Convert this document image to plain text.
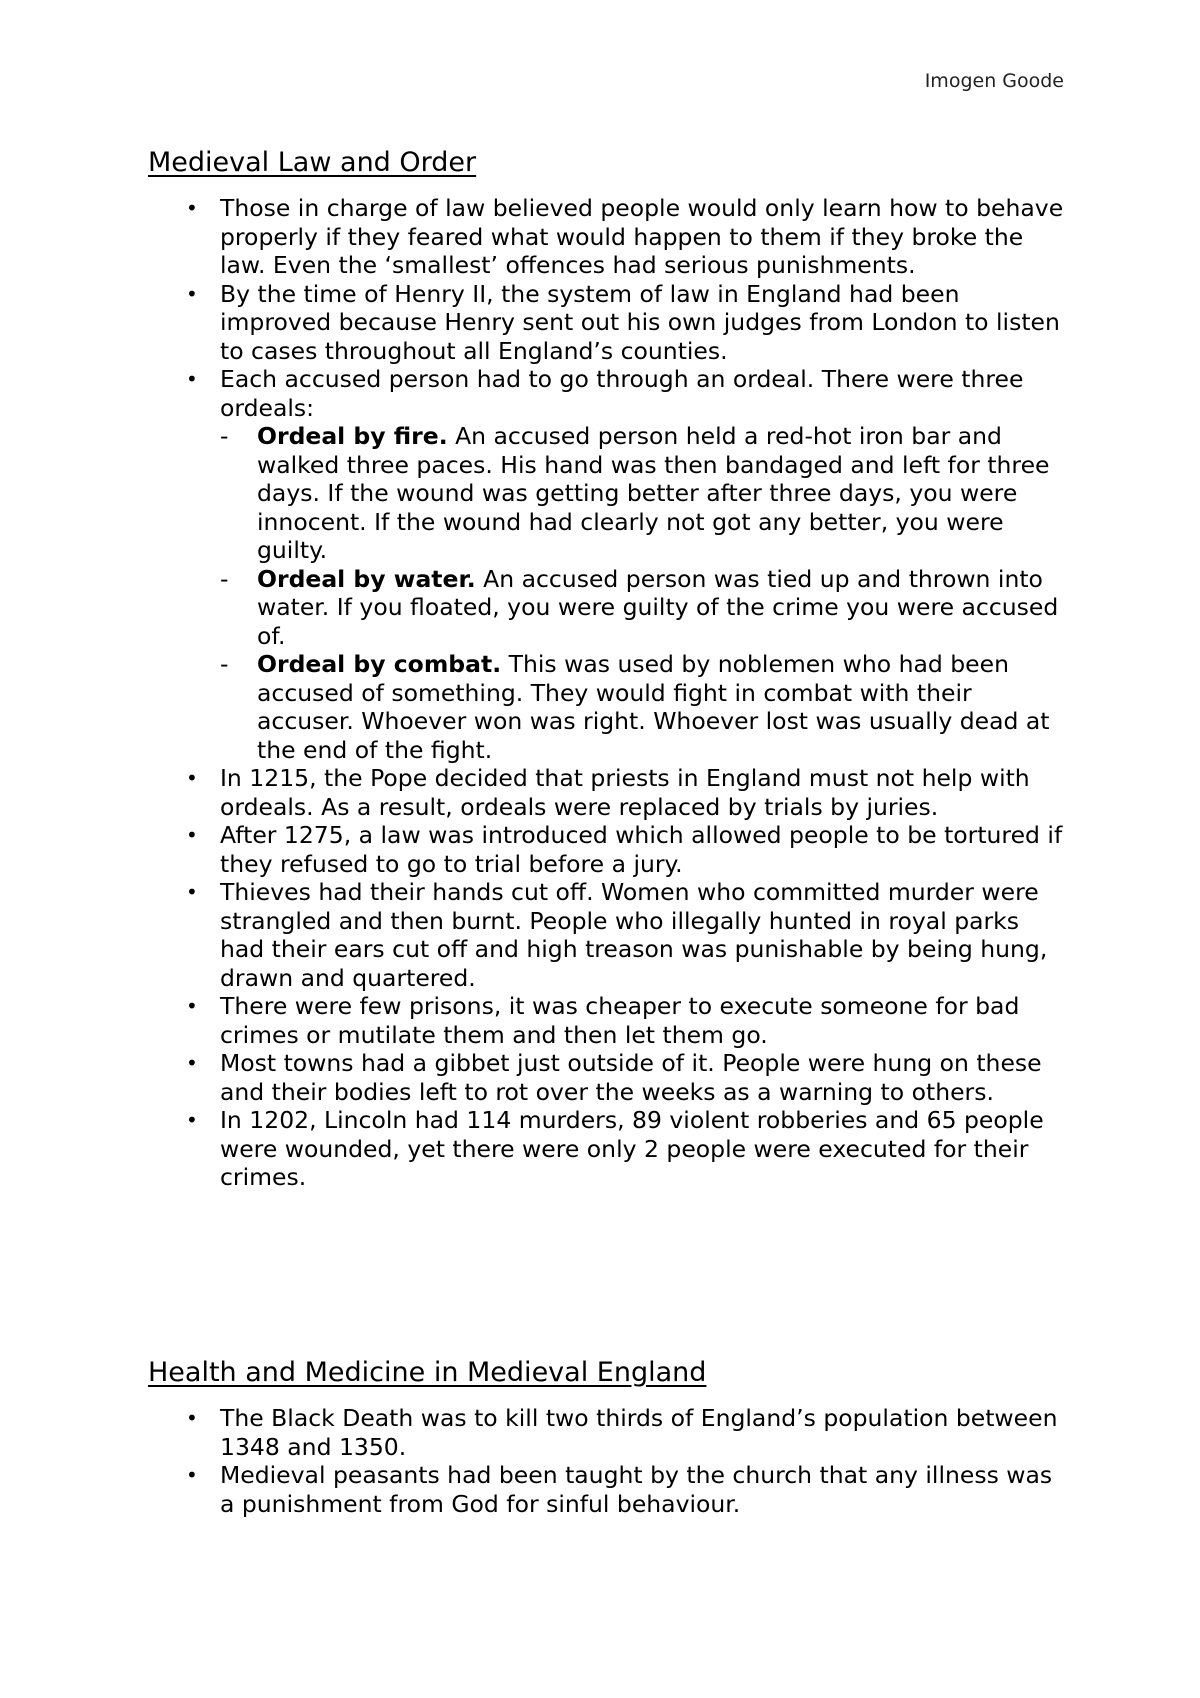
Imogen Goode
Medieval Law and Order
• Those in charge of law believed people would only learn how to behave properly if they feared what would happen to them if they broke the law. Even the ‘smallest’ offences had serious punishments.
• By the time of Henry II, the system of law in England had been improved because Henry sent out his own judges from London to listen to cases throughout all England’s counties.
• Each accused person had to go through an ordeal. There were three ordeals:
- Ordeal by fire. An accused person held a red-hot iron bar and walked three paces. His hand was then bandaged and left for three days. If the wound was getting better after three days, you were innocent. If the wound had clearly not got any better, you were guilty.
- Ordeal by water. An accused person was tied up and thrown into water. If you floated, you were guilty of the crime you were accused of.
- Ordeal by combat. This was used by noblemen who had been accused of something. They would fight in combat with their accuser. Whoever won was right. Whoever lost was usually dead at the end of the fight.
• In 1215, the Pope decided that priests in England must not help with ordeals. As a result, ordeals were replaced by trials by juries.
• After 1275, a law was introduced which allowed people to be tortured if they refused to go to trial before a jury.
• Thieves had their hands cut off. Women who committed murder were strangled and then burnt. People who illegally hunted in royal parks had their ears cut off and high treason was punishable by being hung, drawn and quartered.
• There were few prisons, it was cheaper to execute someone for bad crimes or mutilate them and then let them go.
• Most towns had a gibbet just outside of it. People were hung on these and their bodies left to rot over the weeks as a warning to others.
• In 1202, Lincoln had 114 murders, 89 violent robberies and 65 people were wounded, yet there were only 2 people were executed for their crimes.
Health and Medicine in Medieval England
• The Black Death was to kill two thirds of England’s population between 1348 and 1350.
• Medieval peasants had been taught by the church that any illness was a punishment from God for sinful behaviour.
